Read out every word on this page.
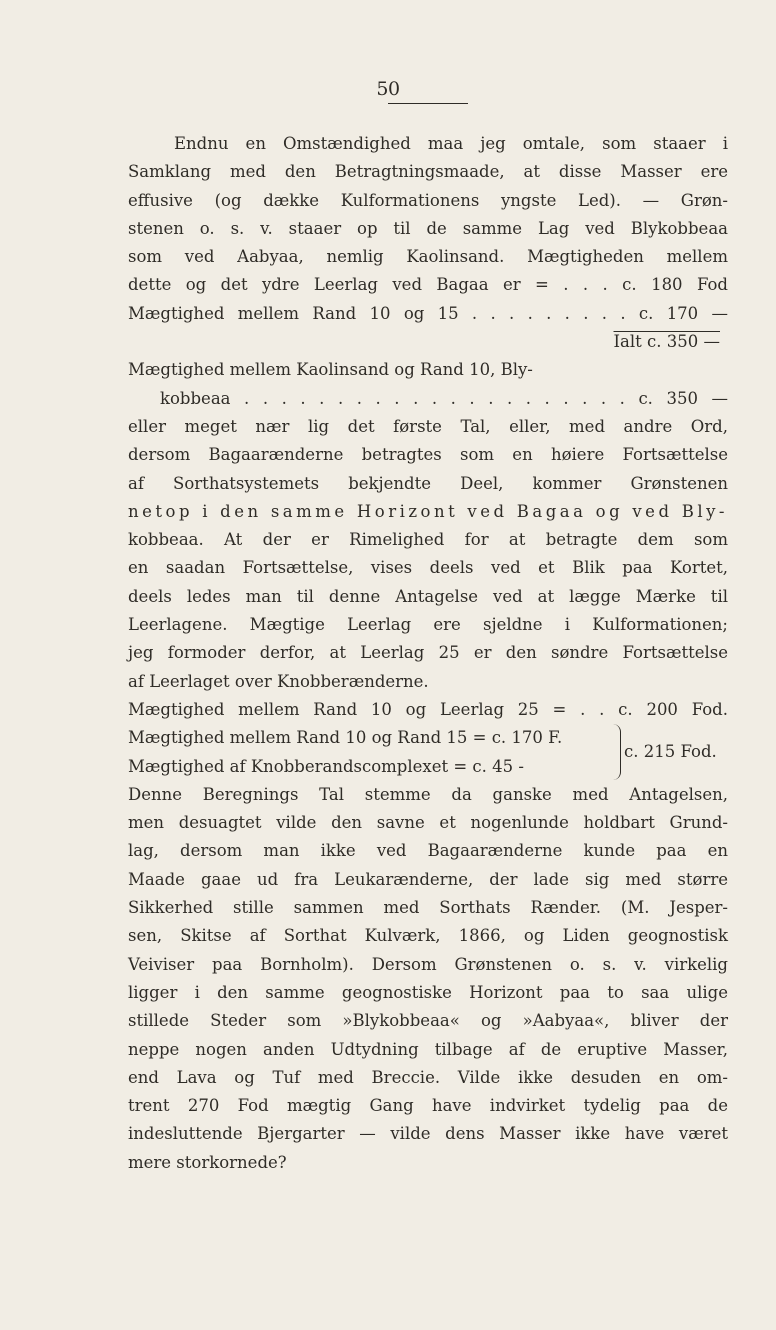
50
Endnu en Omstændighed maa jeg omtale, som staaer i
Samklang med den Betragtningsmaade, at disse Masser ere
effusive (og dække Kulformationens yngste Led). — Grøn-
stenen o. s. v. staaer op til de samme Lag ved Blykobbeaa
som ved Aabyaa, nemlig Kaolinsand. Mægtigheden mellem
dette og det ydre Leerlag ved Bagaa er = . . . c. 180 Fod
Mægtighed mellem Rand 10 og 15 . . . . . . . . . c. 170 —
Ialt c. 350 —
Mægtighed mellem Kaolinsand og Rand 10, Bly-
kobbeaa . . . . . . . . . . . . . . . . . . . . . c. 350 —
eller meget nær lig det første Tal, eller, med andre Ord,
dersom Bagaarænderne betragtes som en høiere Fortsættelse
af Sorthatsystemets bekjendte Deel, kommer Grønstenen
netop i den samme Horizont ved Bagaa og ved Bly-
kobbeaa. At der er Rimelighed for at betragte dem som
en saadan Fortsættelse, vises deels ved et Blik paa Kortet,
deels ledes man til denne Antagelse ved at lægge Mærke til
Leerlagene. Mægtige Leerlag ere sjeldne i Kulformationen;
jeg formoder derfor, at Leerlag 25 er den søndre Fortsættelse
af Leerlaget over Knobberænderne.
Mægtighed mellem Rand 10 og Leerlag 25 = . . c. 200 Fod.
Mægtighed mellem Rand 10 og Rand 15 = c. 170 F.
Mægtighed af Knobberandscomplexet = c. 45 -
c. 215 Fod.
Denne Beregnings Tal stemme da ganske med Antagelsen,
men desuagtet vilde den savne et nogenlunde holdbart Grund-
lag, dersom man ikke ved Bagaarænderne kunde paa en
Maade gaae ud fra Leukarænderne, der lade sig med større
Sikkerhed stille sammen med Sorthats Rænder. (M. Jesper-
sen, Skitse af Sorthat Kulværk, 1866, og Liden geognostisk
Veiviser paa Bornholm). Dersom Grønstenen o. s. v. virkelig
ligger i den samme geognostiske Horizont paa to saa ulige
stillede Steder som »Blykobbeaa« og »Aabyaa«, bliver der
neppe nogen anden Udtydning tilbage af de eruptive Masser,
end Lava og Tuf med Breccie. Vilde ikke desuden en om-
trent 270 Fod mægtig Gang have indvirket tydelig paa de
indesluttende Bjergarter — vilde dens Masser ikke have været
mere storkornede?
